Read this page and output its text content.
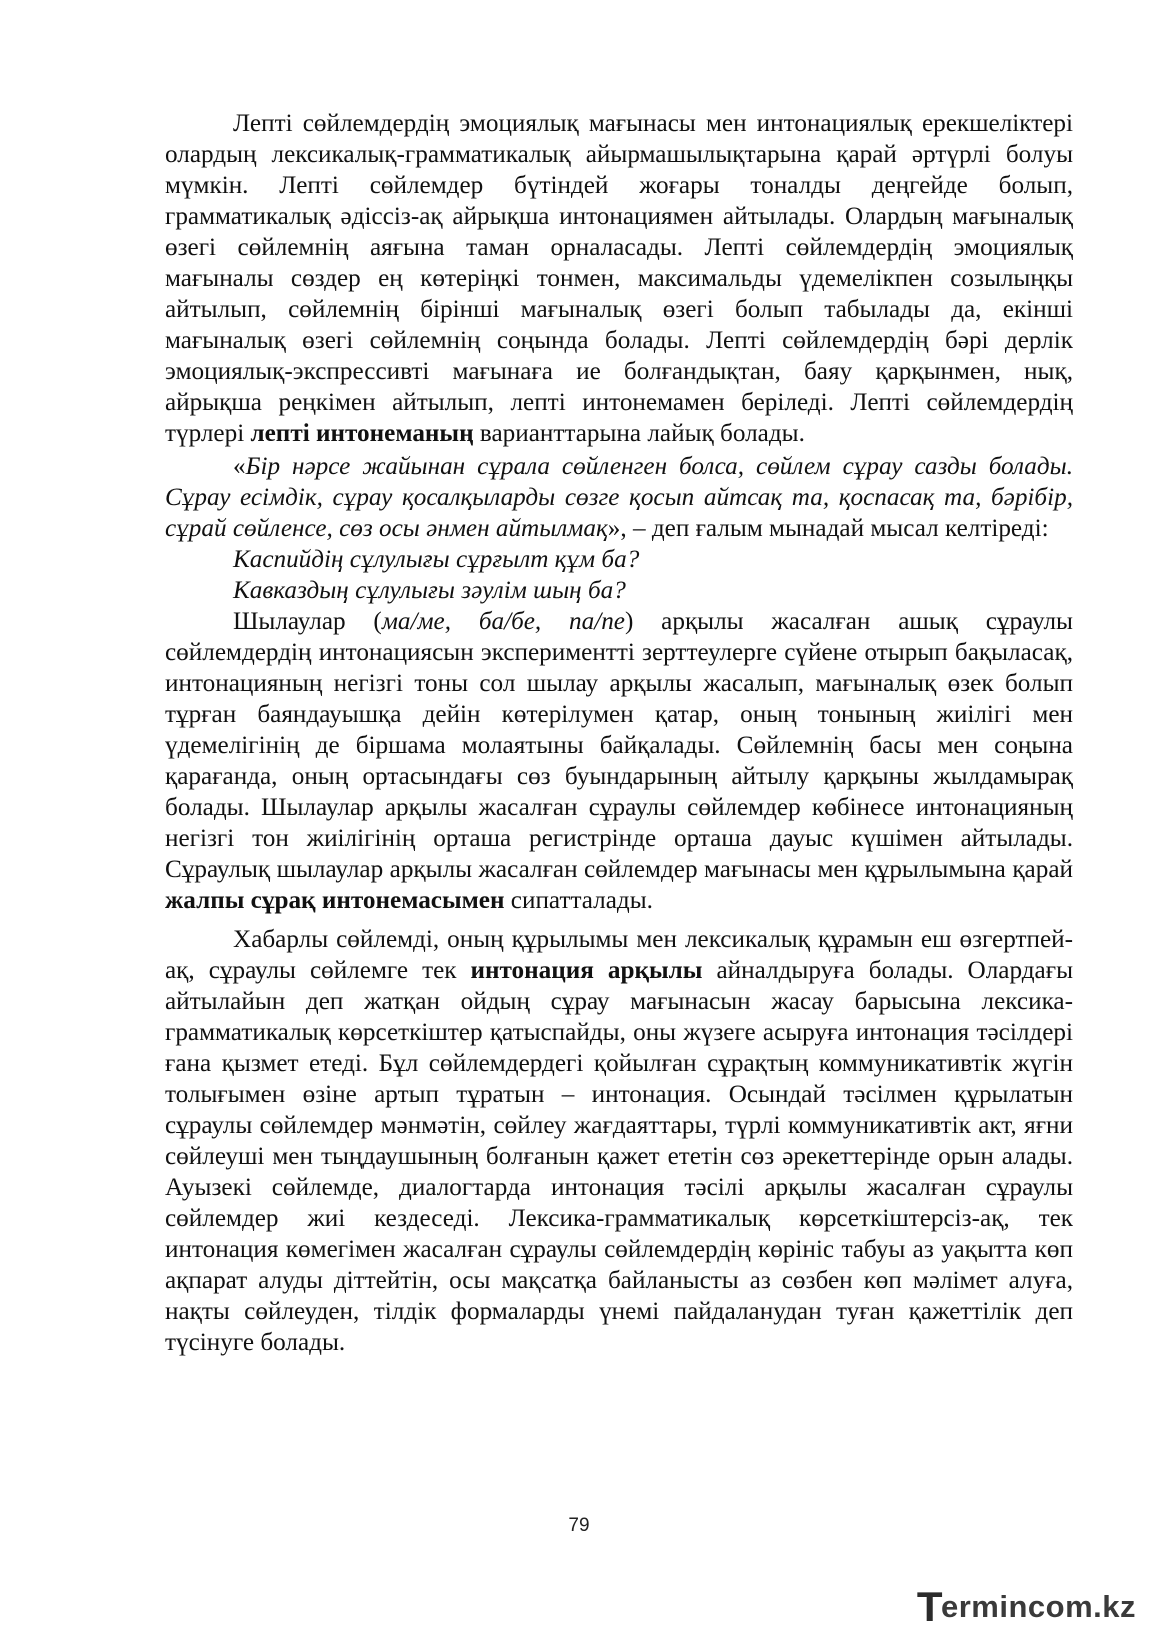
Лепті сөйлемдердің эмоциялық мағынасы мен интонациялық ерекшеліктері олардың лексикалық-грамматикалық айырмашылықтарына қарай әртүрлі болуы мүмкін. Лепті сөйлемдер бүтіндей жоғары тоналды деңгейде болып, грамматикалық әдіссіз-ақ айрықша интонациямен айтылады. Олардың мағыналық өзегі сөйлемнің аяғына таман орналасады. Лепті сөйлемдердің эмоциялық мағыналы сөздер ең көтеріңкі тонмен, максимальды үдемелікпен созылыңқы айтылып, сөйлемнің бірінші мағыналық өзегі болып табылады да, екінші мағыналық өзегі сөйлемнің соңында болады. Лепті сөйлемдердің бәрі дерлік эмоциялық-экспрессивті мағынаға ие болғандықтан, баяу қарқынмен, нық, айрықша реңкімен айтылып, лепті интонемамен беріледі. Лепті сөйлемдердің түрлері лепті интонеманың варианттарына лайық болады.

«Бір нәрсе жайынан сұрала сөйленген болса, сөйлем сұрау сазды болады. Сұрау есімдік, сұрау қосалқыларды сөзге қосып айтсақ та, қоспасақ та, бәрібір, сұрай сөйленсе, сөз осы әнмен айтылмақ», – деп ғалым мынадай мысал келтіреді:

Каспийдің сұлулығы сұрғылт құм ба?

Кавказдың сұлулығы зәулім шың ба?

Шылаулар (ма/ме, ба/бе, па/пе) арқылы жасалған ашық сұраулы сөйлемдердің интонациясын экспериментті зерттеулерге сүйене отырып бақыласақ, интонацияның негізгі тоны сол шылау арқылы жасалып, мағыналық өзек болып тұрған баяндауышқа дейін көтерілумен қатар, оның тонының жиілігі мен үдемелігінің де біршама молаятыны байқалады. Сөйлемнің басы мен соңына қарағанда, оның ортасындағы сөз буындарының айтылу қарқыны жылдамырақ болады. Шылаулар арқылы жасалған сұраулы сөйлемдер көбінесе интонацияның негізгі тон жиілігінің орташа регистрінде орташа дауыс күшімен айтылады. Сұраулық шылаулар арқылы жасалған сөйлемдер мағынасы мен құрылымына қарай жалпы сұрақ интонемасымен сипатталады.

Хабарлы сөйлемді, оның құрылымы мен лексикалық құрамын еш өзгертпей-ақ, сұраулы сөйлемге тек интонация арқылы айналдыруға болады. Олардағы айтылайын деп жатқан ойдың сұрау мағынасын жасау барысына лексика-грамматикалық көрсеткіштер қатыспайды, оны жүзеге асыруға интонация тәсілдері ғана қызмет етеді. Бұл сөйлемдердегі қойылған сұрақтың коммуникативтік жүгін толығымен өзіне артып тұратын – интонация. Осындай тәсілмен құрылатын сұраулы сөйлемдер мәнмәтін, сөйлеу жағдаяттары, түрлі коммуникативтік акт, яғни сөйлеуші мен тыңдаушының болғанын қажет ететін сөз әрекеттерінде орын алады. Ауызекі сөйлемде, диалогтарда интонация тәсілі арқылы жасалған сұраулы сөйлемдер жиі кездеседі. Лексика-грамматикалық көрсеткіштерсіз-ақ, тек интонация көмегімен жасалған сұраулы сөйлемдердің көрініс табуы аз уақытта көп ақпарат алуды діттейтін, осы мақсатқа байланысты аз сөзбен көп мәлімет алуға, нақты сөйлеуден, тілдік формаларды үнемі пайдаланудан туған қажеттілік деп түсінуге болады.

79
Termincom.kz
